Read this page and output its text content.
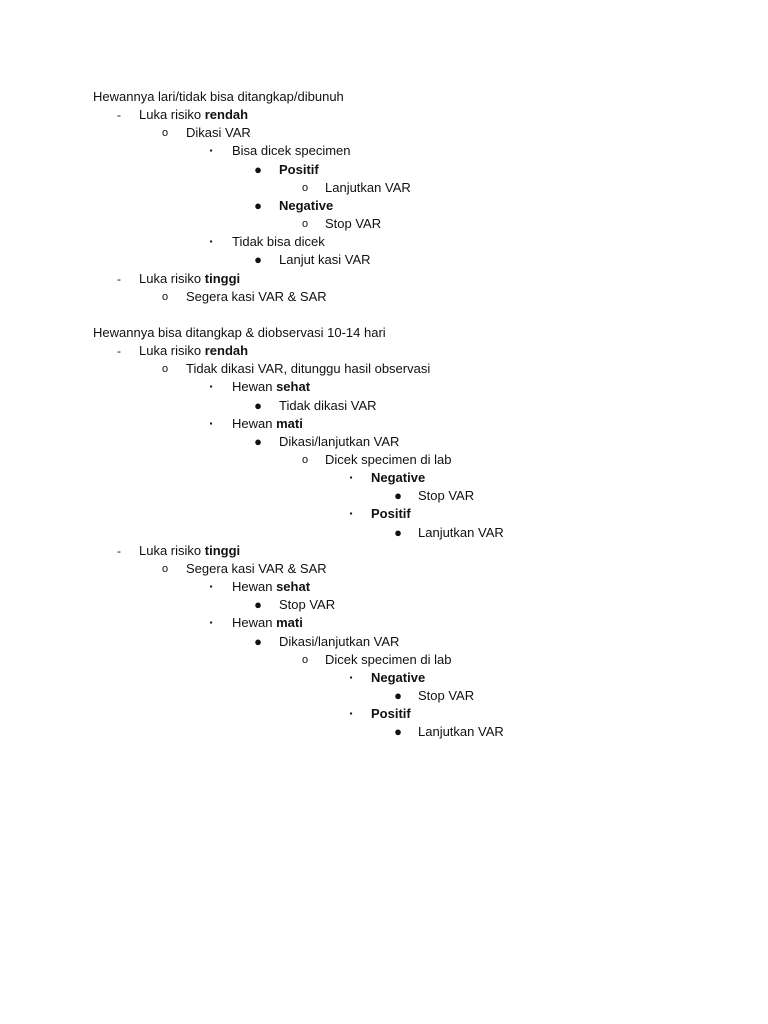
Hewannya lari/tidak bisa ditangkap/dibunuh
-	Luka risiko rendah
o	Dikasi VAR
▪	Bisa dicek specimen
●	Positif
o	Lanjutkan VAR
●	Negative
o	Stop VAR
▪	Tidak bisa dicek
●	Lanjut kasi VAR
-	Luka risiko tinggi
o	Segera kasi VAR & SAR
Hewannya bisa ditangkap & diobservasi 10-14 hari
-	Luka risiko rendah
o	Tidak dikasi VAR, ditunggu hasil observasi
▪	Hewan sehat
●	Tidak dikasi VAR
▪	Hewan mati
●	Dikasi/lanjutkan VAR
o	Dicek specimen di lab
▪	Negative
●	Stop VAR
▪	Positif
●	Lanjutkan VAR
-	Luka risiko tinggi
o	Segera kasi VAR & SAR
▪	Hewan sehat
●	Stop VAR
▪	Hewan mati
●	Dikasi/lanjutkan VAR
o	Dicek specimen di lab
▪	Negative
●	Stop VAR
▪	Positif
●	Lanjutkan VAR
